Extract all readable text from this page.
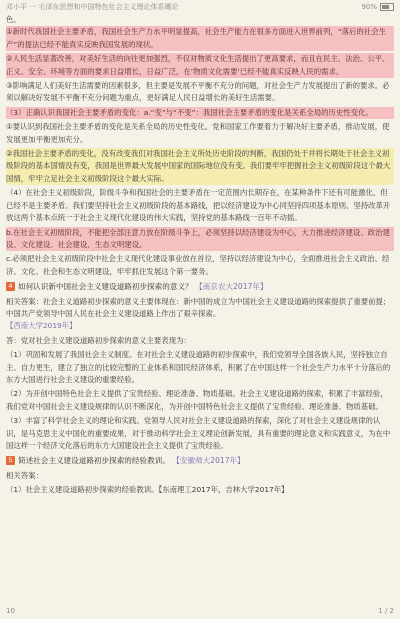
邓小平 一 毛泽东思想和中国特色社会主义理论体系概论	90%

色。

①新时代我国社会主要矛盾，我国社会生产力水平明显提高，社会生产能力在很多方面进入世界前列，“落后的社会生产”的提法已经不能真实反映我国发展的现状。

②人民生活显著改善，对美好生活的向往更加强烈，不仅对物质文化生活提出了更高要求，而且在民主、法治、公平、正义、安全、环境等方面的要求日益增长，日益广泛，在‘物质文化需要’已经不能真实反映人民的需求。

③影响满足人们美好生活需要的因素很多，但主要是发展不平衡不充分的问题，对社会生产力发展提出了新的要求。必须以解决好发展不平衡不充分问题为重点，更好满足人民日益增长的美好生活需要。

（3）正确认识我国社会主要矛盾的变化：a.“变”与“不变”：我国社会主要矛盾的变化是关系全局的历史性变化。

①要认识到我国社会主要矛盾的变化是关系全局的历史性变化。党和国家工作要着力于解决好主要矛盾，推动发展，使发展更加平衡更加充分。

②我国社会主要矛盾的变化，没有改变我们对我国社会主义所处历史阶段的判断，我国仍处于并将长期处于社会主义初级阶段的基本国情没有变，我国是世界最大发展中国家的国际地位没有变。我们要牢牢把握社会主义初级阶段这个最大国情，牢牢立足社会主义初级阶段这个最大实际。

（4）在社会主义初级阶段，阶级斗争和我国社会的主要矛盾在一定范围内长期存在，在某种条件下还有可能激化，但已经不是主要矛盾。我们要坚持社会主义初级阶段的基本路线，把以经济建设为中心同坚持四项基本原则、坚持改革开放这两个基本点统一于社会主义现代化建设的伟大实践，坚持党的基本路线一百年不动摇。

b.在社会主义初级阶段，不能把全部注意力放在阶级斗争上，必须坚持以经济建设为中心，大力推进经济建设、政治建设、文化建设、社会建设、生态文明建设。

c.必须把社会主义初级阶段中社会主义现代化建设事业放在首位，坚持以经济建设为中心，全面推进社会主义政治、经济、文化、社会和生态文明建设，牢牢抓住发展这个第一要务。

4 如何认识新中国社会主义建设道路初步探索的意义？ 【南京农大2017年】

相关答案：社会主义道路初步探索的意义主要体现在：新中国的成立为中国社会主义建设道路的探索提供了重要前提；中国共产党领导中国人民在社会主义建设道路上作出了艰辛探索。

【西南大学2019年】

答：党对社会主义建设道路初步探索的意义主要表现为：

（1）巩固和发展了我国社会主义制度。在对社会主义建设道路的初步探索中，我们党领导全国各族人民，坚持独立自主、自力更生，建立了独立的比较完整的工业体系和国民经济体系，积累了在中国这样一个社会生产力水平十分落后的东方大国进行社会主义建设的重要经验。

（2）为开创中国特色社会主义提供了宝贵经验、理论准备、物质基础。社会主义建设道路的探索，积累了丰富经验，我们党对中国社会主义建设规律的认识不断深化，为开创中国特色社会主义提供了宝贵经验、理论准备、物质基础。

（3）丰富了科学社会主义的理论和实践。党领导人民对社会主义建设道路的探索，深化了对社会主义建设规律的认识，是马克思主义中国化的重要成果，对于推动科学社会主义理论创新发展，具有重要的理论意义和实践意义，为在中国这样一个经济文化落后的东方大国建设社会主义提供了宝贵经验。

5 简述社会主义建设道路初步探索的经验教训。 【安徽师大2017年】

相关答案：

（1）社会主义建设道路初步探索的经验教训。【东南理工2017年，吉林大学2017年】

10	1 / 2
